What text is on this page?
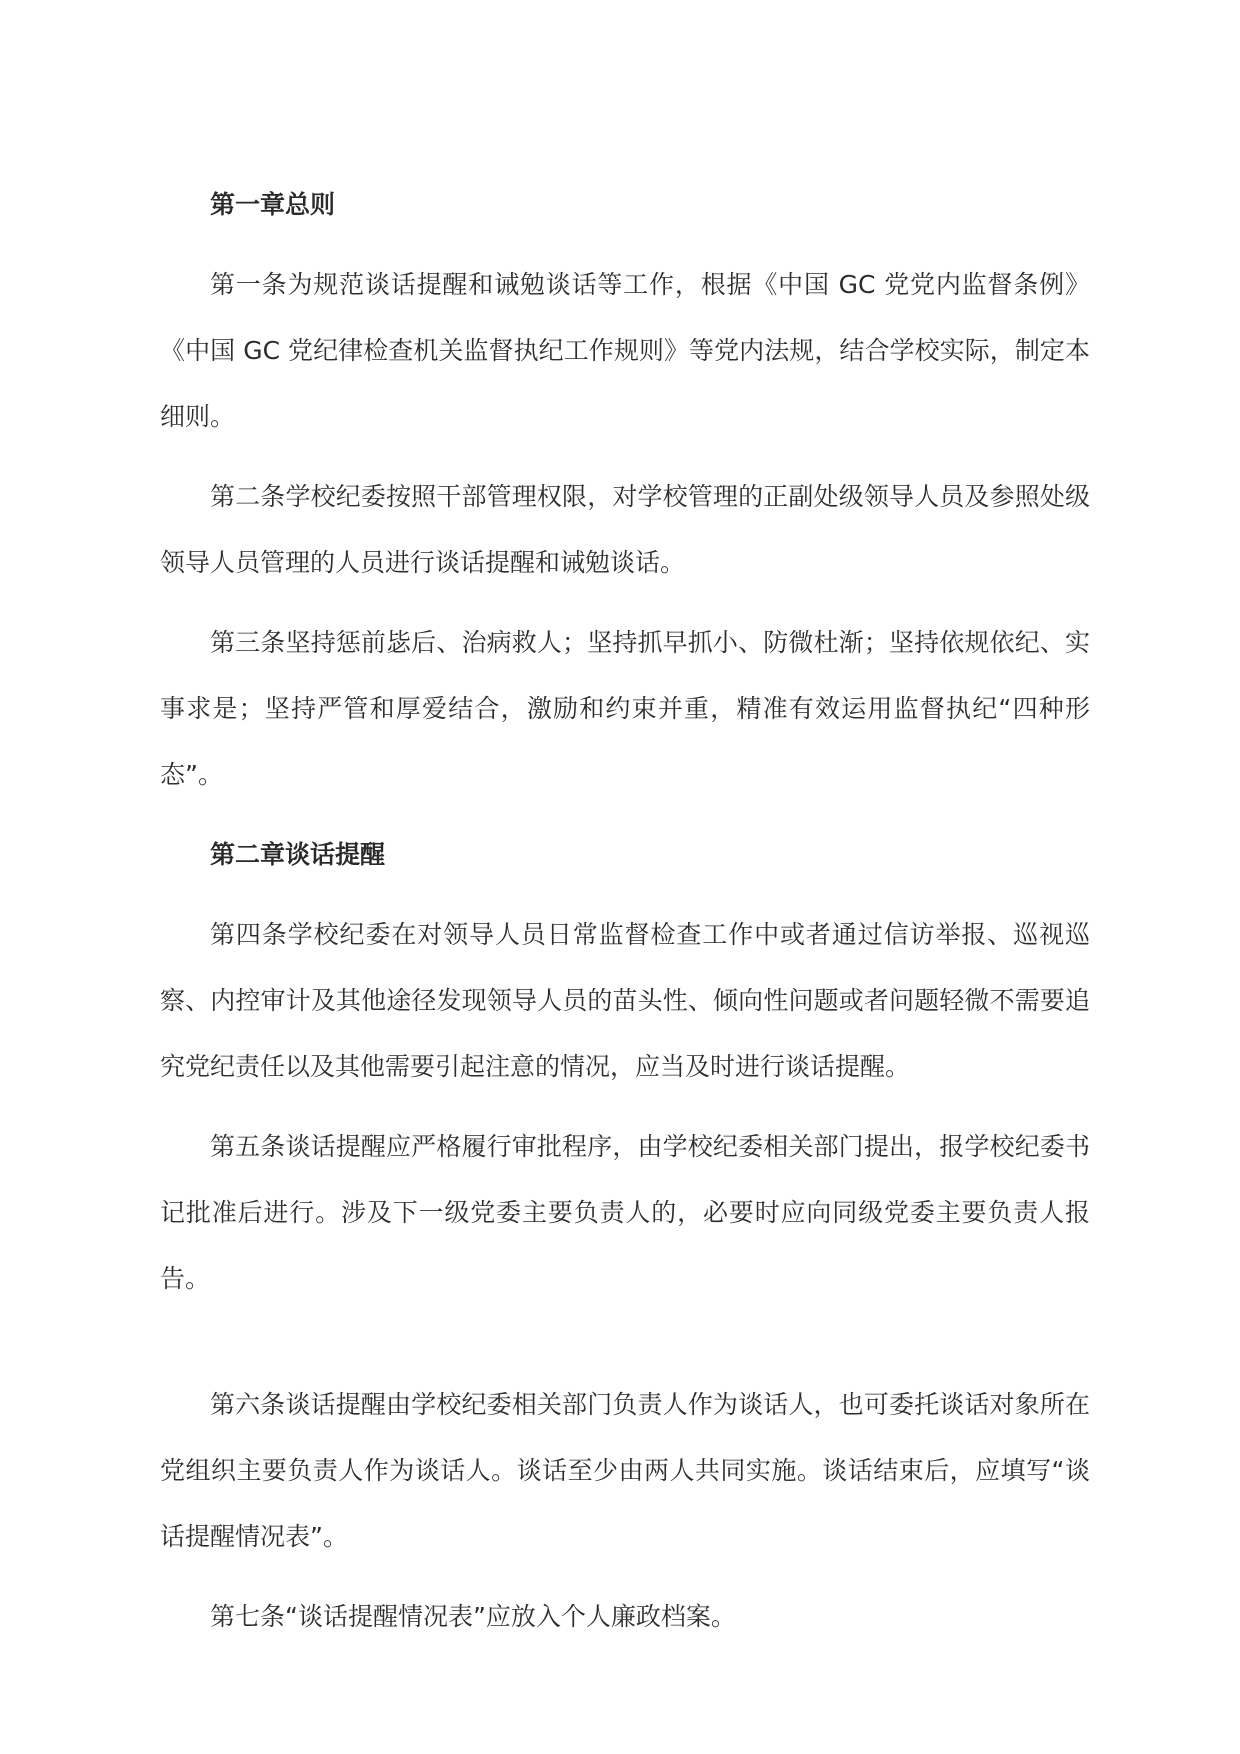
第一章总则

第一条为规范谈话提醒和诫勉谈话等工作，根据《中国 GC 党党内监督条例》《中国 GC 党纪律检查机关监督执纪工作规则》等党内法规，结合学校实际，制定本细则。

第二条学校纪委按照干部管理权限，对学校管理的正副处级领导人员及参照处级领导人员管理的人员进行谈话提醒和诫勉谈话。

第三条坚持惩前毖后、治病救人；坚持抓早抓小、防微杜渐；坚持依规依纪、实事求是；坚持严管和厚爱结合，激励和约束并重，精准有效运用监督执纪“四种形态”。

第二章谈话提醒

第四条学校纪委在对领导人员日常监督检查工作中或者通过信访举报、巡视巡察、内控审计及其他途径发现领导人员的苗头性、倾向性问题或者问题轻微不需要追究党纪责任以及其他需要引起注意的情况，应当及时进行谈话提醒。

第五条谈话提醒应严格履行审批程序，由学校纪委相关部门提出，报学校纪委书记批准后进行。涉及下一级党委主要负责人的，必要时应向同级党委主要负责人报告。

第六条谈话提醒由学校纪委相关部门负责人作为谈话人，也可委托谈话对象所在党组织主要负责人作为谈话人。谈话至少由两人共同实施。谈话结束后，应填写“谈话提醒情况表”。

第七条“谈话提醒情况表”应放入个人廉政档案。
